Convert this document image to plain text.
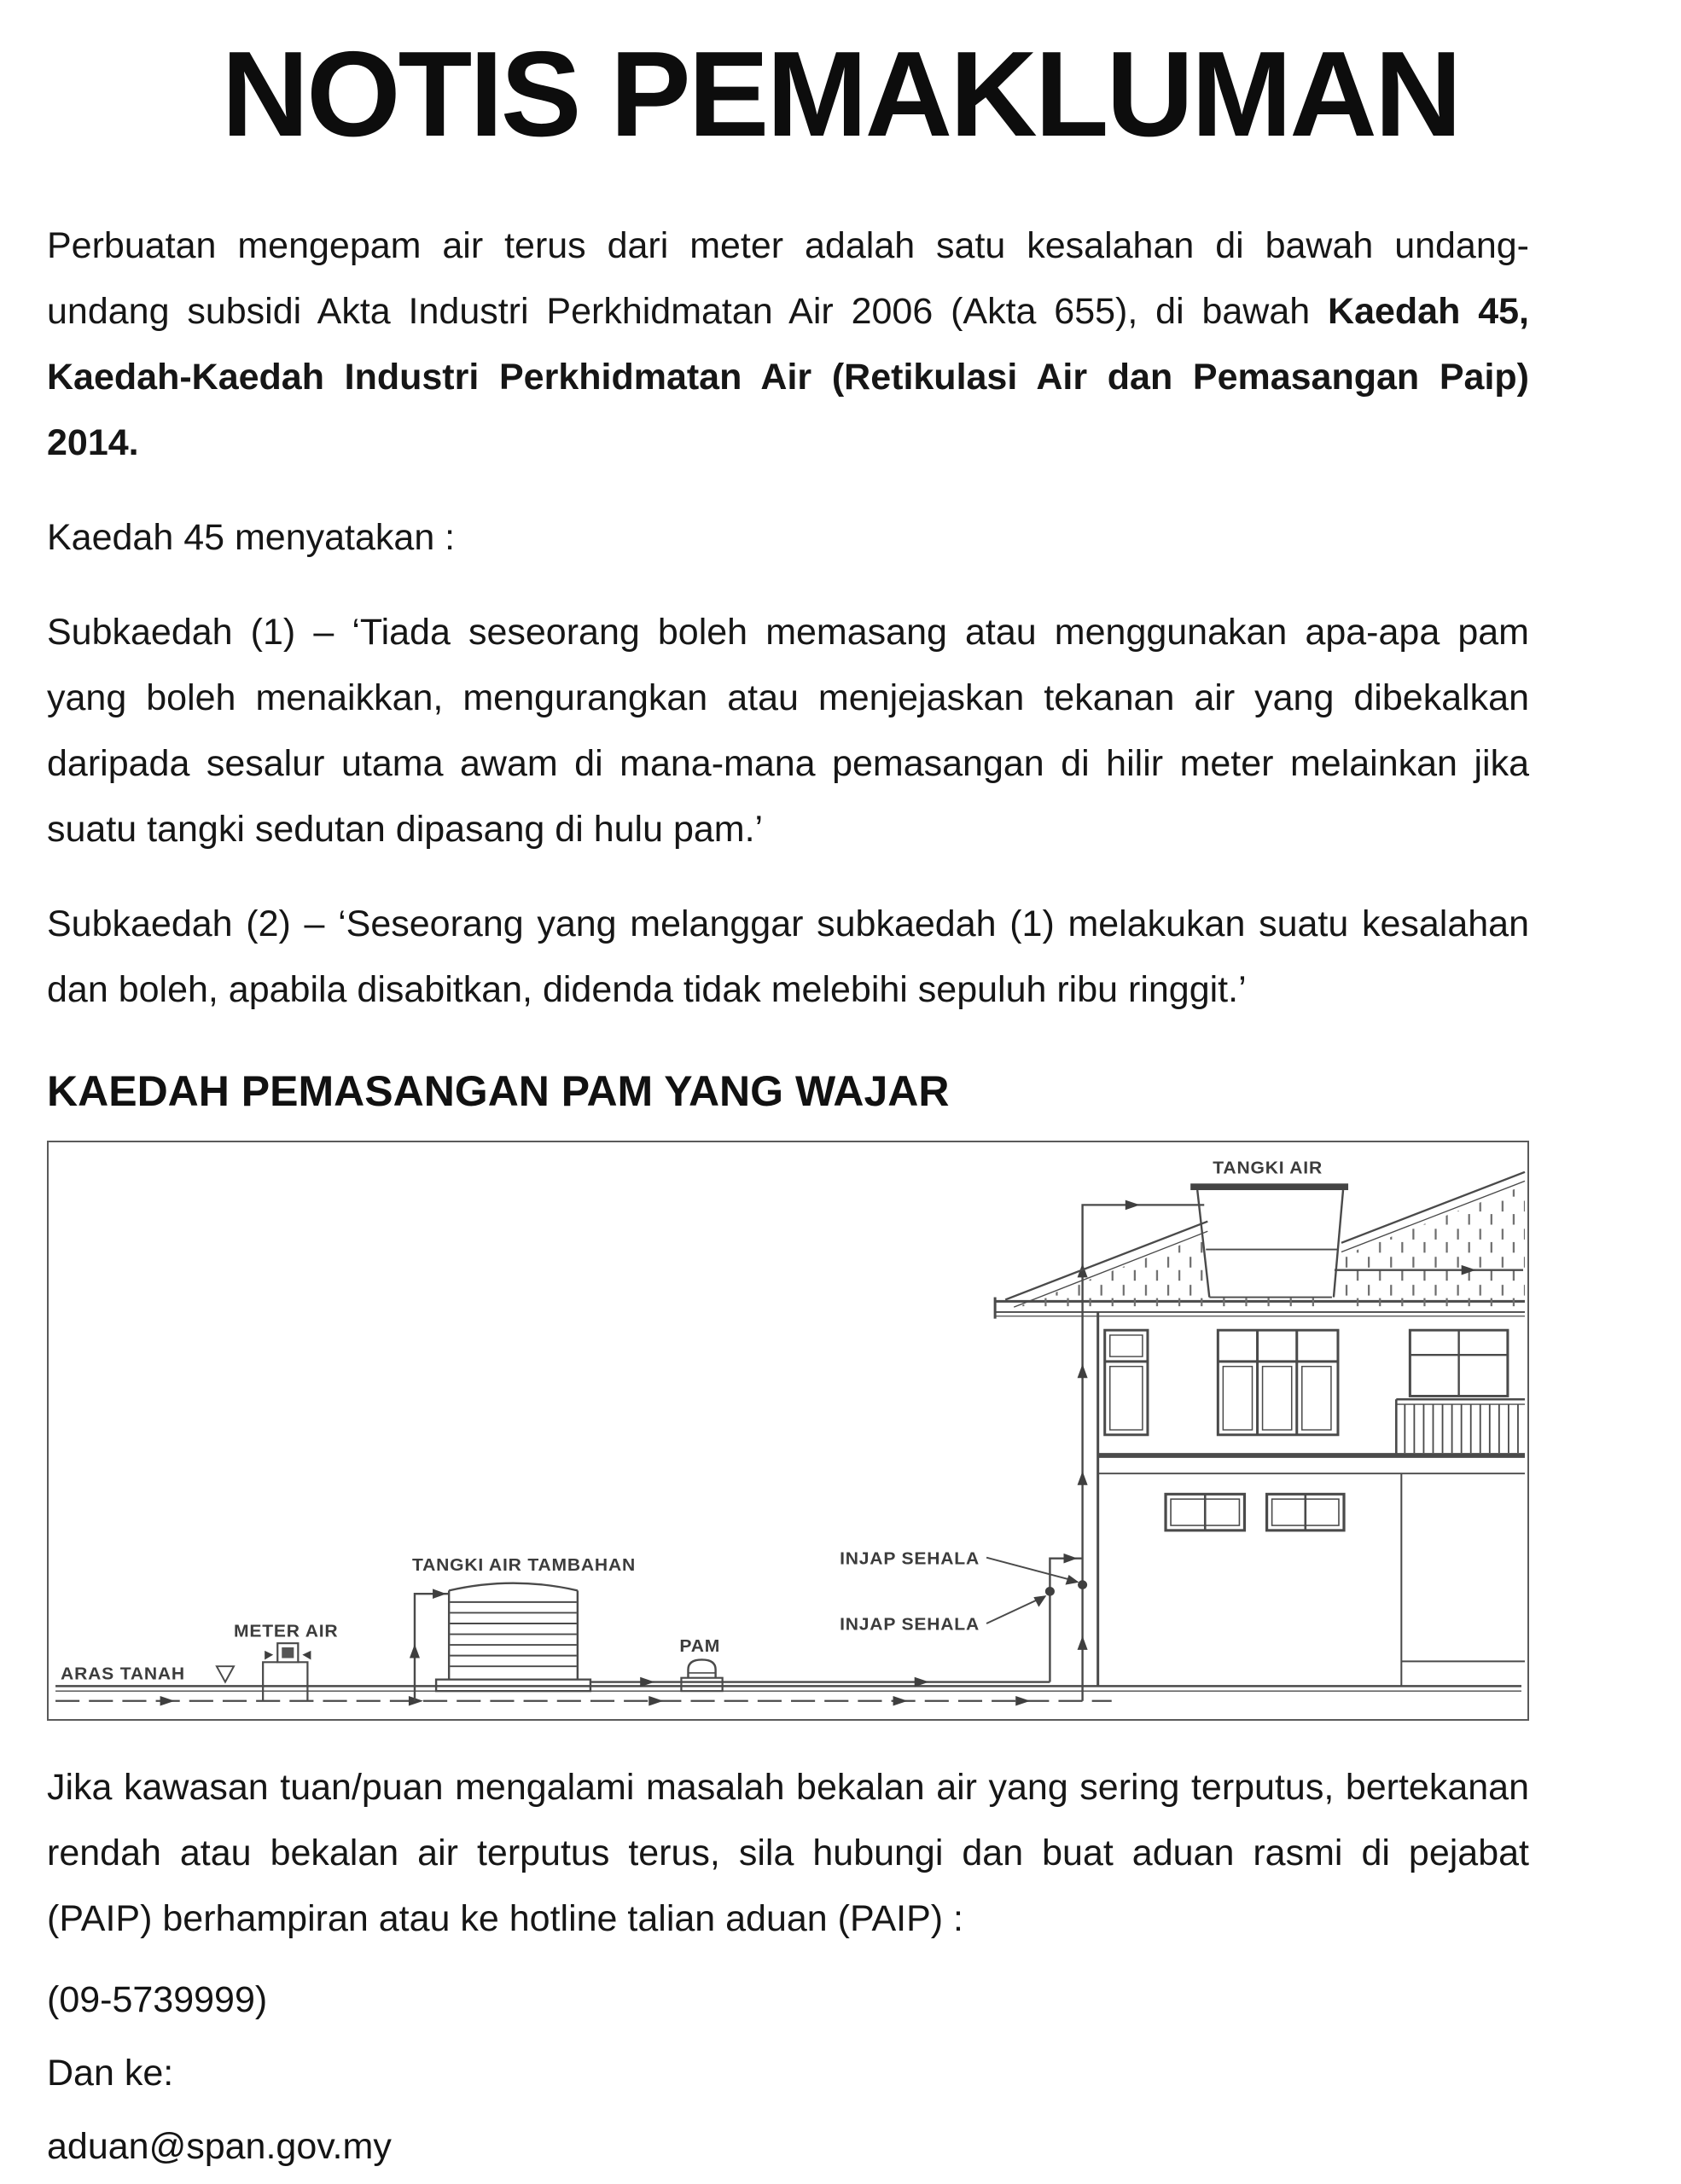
NOTIS PEMAKLUMAN

Perbuatan mengepam air terus dari meter adalah satu kesalahan di bawah undang-undang subsidi Akta Industri Perkhidmatan Air 2006 (Akta 655), di bawah Kaedah 45, Kaedah-Kaedah Industri Perkhidmatan Air (Retikulasi Air dan Pemasangan Paip) 2014.

Kaedah 45 menyatakan :

Subkaedah (1) – ‘Tiada seseorang boleh memasang atau menggunakan apa-apa pam yang boleh menaikkan, mengurangkan atau menjejaskan tekanan air yang dibekalkan daripada sesalur utama awam di mana-mana pemasangan di hilir meter melainkan jika suatu tangki sedutan dipasang di hulu pam.’

Subkaedah (2) – ‘Seseorang yang melanggar subkaedah (1) melakukan suatu kesalahan dan boleh, apabila disabitkan, didenda tidak melebihi sepuluh ribu ringgit.’

KAEDAH PEMASANGAN PAM YANG WAJAR
ARAS TANAH
METER AIR
TANGKI AIR TAMBAHAN
PAM
INJAP SEHALA
INJAP SEHALA
TANGKI AIR

Jika kawasan tuan/puan mengalami masalah bekalan air yang sering terputus, bertekanan rendah atau bekalan air terputus terus, sila hubungi dan buat aduan rasmi di pejabat (PAIP) berhampiran atau ke hotline talian aduan (PAIP) :

(09-5739999)

Dan ke:

aduan@span.gov.my
